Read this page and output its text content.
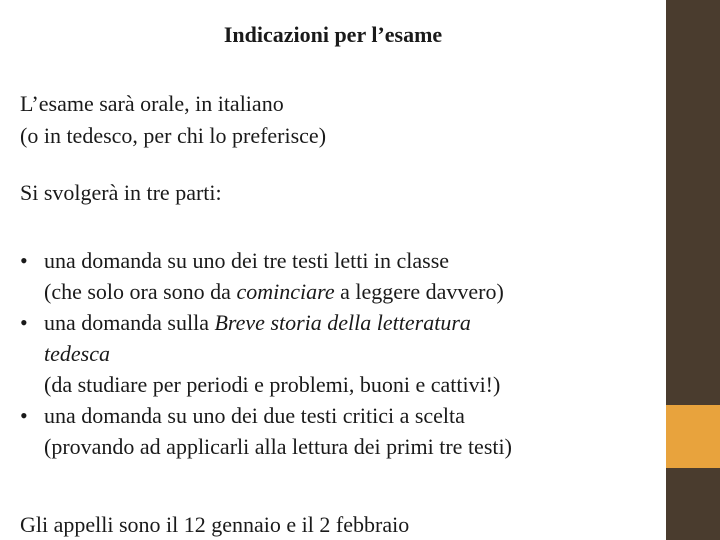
Indicazioni per l’esame
L’esame sarà orale, in italiano
(o in tedesco, per chi lo preferisce)
Si svolgerà in tre parti:
• una domanda su uno dei tre testi letti in classe
(che solo ora sono da cominciare a leggere davvero)
• una domanda sulla Breve storia della letteratura
tedesca
(da studiare per periodi e problemi, buoni e cattivi!)
• una domanda su uno dei due testi critici a scelta
(provando ad applicarli alla lettura dei primi tre testi)
Gli appelli sono il 12 gennaio e il 2 febbraio
